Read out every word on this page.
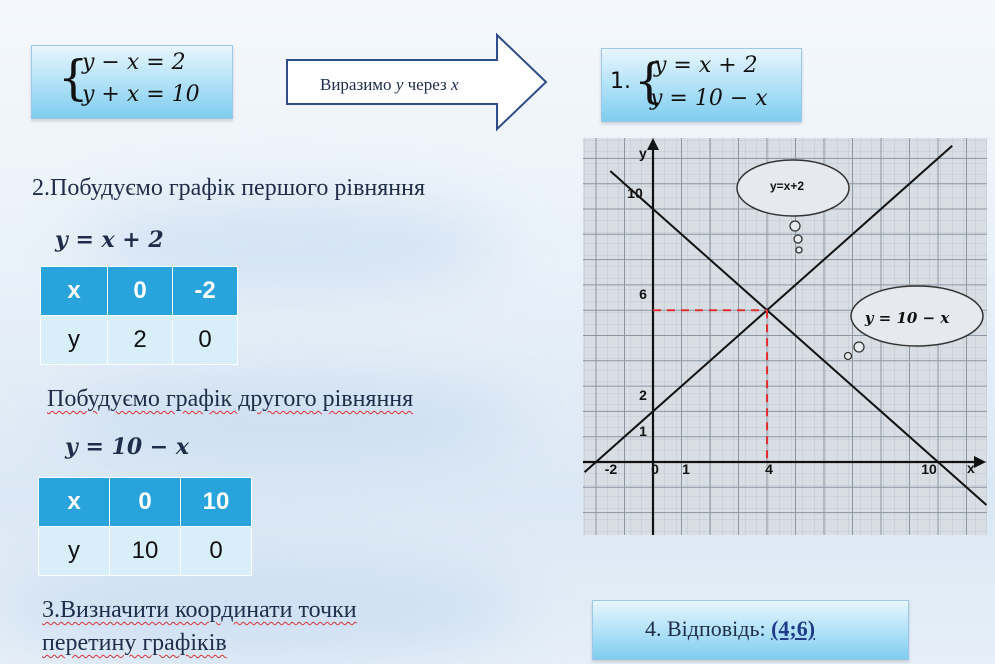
{
y − x = 2
y + x = 10	Виразимо y через x	1. {
y = x + 2
y = 10 − x
2.Побудуємо графік першого рівняння
y = x + 2
x	0	-2
y	2	0
Побудуємо графік другого рівняння
y = 10 − x
x	0	10
y	10	0
3.Визначити координати точки
перетину графіків
4. Відповідь: (4;6)
y=x+2
y = 10 − x
y
x
10
6
2
1
-2 0 1	4	10
